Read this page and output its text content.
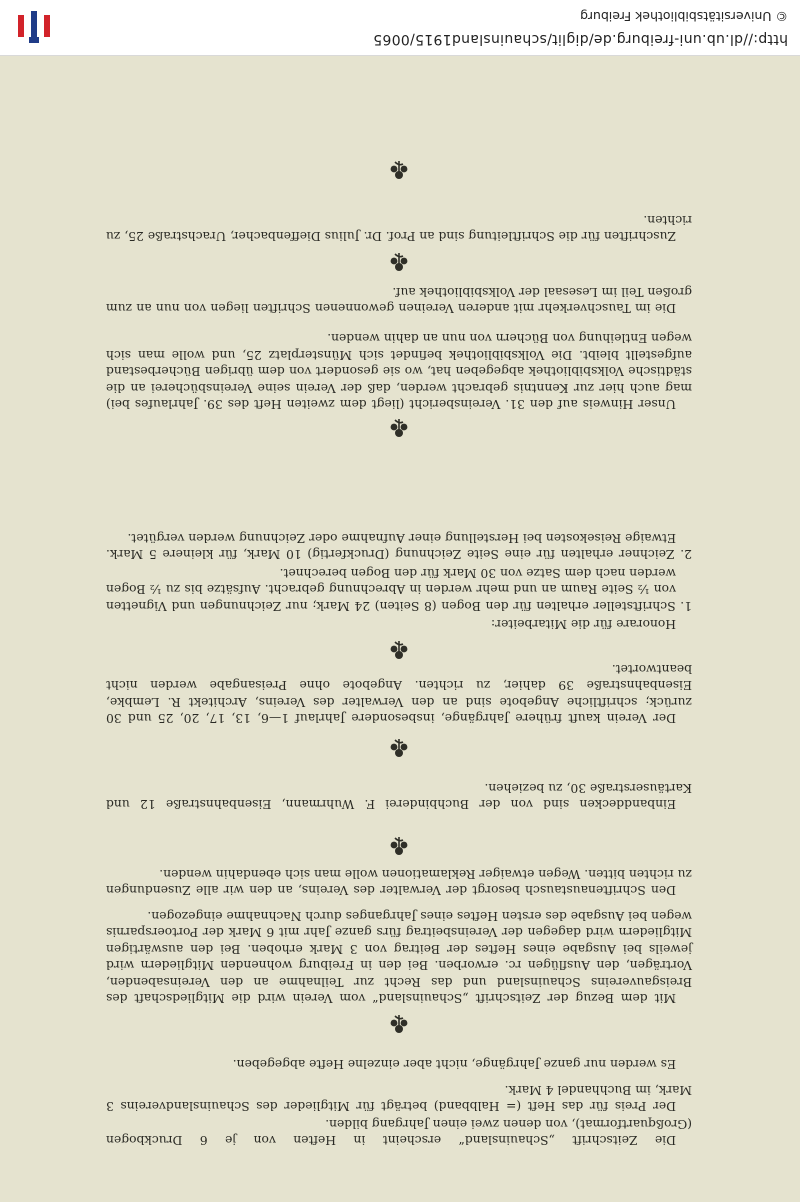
Die Zeitschrift „Schauinsland“ erscheint in Heften von je 6 Druckbogen (Großquartformat), von denen zwei einen Jahrgang bilden.

Der Preis für das Heft (= Halbband) beträgt für Mitglieder des Schauinslandvereins 3 Mark, im Buchhandel 4 Mark.

Es werden nur ganze Jahrgänge, nicht aber einzelne Hefte abgegeben.

Mit dem Bezug der Zeitschrift „Schauinsland“ vom Verein wird die Mitgliedschaft des Breisgauvereins Schauinsland und das Recht zur Teilnahme an den Vereinsabenden, Vorträgen, den Ausflügen rc. erworben. Bei den in Freiburg wohnenden Mitgliedern wird jeweils bei Ausgabe eines Heftes der Beitrag von 3 Mark erhoben. Bei den auswärtigen Mitgliedern wird dagegen der Vereinsbeitrag fürs ganze Jahr mit 6 Mark der Portoersparnis wegen bei Ausgabe des ersten Heftes eines Jahrganges durch Nachnahme eingezogen.

Den Schriftenaustausch besorgt der Verwalter des Vereins, an den wir alle Zusendungen zu richten bitten. Wegen etwaiger Reklamationen wolle man sich ebendahin wenden.

Einbanddecken sind von der Buchbinderei F. Wuhrmann, Eisenbahnstraße 12 und Kartäuserstraße 30, zu beziehen.

Der Verein kauft frühere Jahrgänge, insbesondere Jahrlauf 1—6, 13, 17, 20, 25 und 30 zurück; schriftliche Angebote sind an den Verwalter des Vereins, Architekt R. Lembke, Eisenbahnstraße 39 dahier, zu richten. Angebote ohne Preisangabe werden nicht beantwortet.

Honorare für die Mitarbeiter:

1. Schriftsteller erhalten für den Bogen (8 Seiten) 24 Mark; nur Zeichnungen und Vignetten von ½ Seite Raum an und mehr werden in Abrechnung gebracht. Aufsätze bis zu ½ Bogen werden nach dem Satze von 30 Mark für den Bogen berechnet.

2. Zeichner erhalten für eine Seite Zeichnung (Druckfertig) 10 Mark, für kleinere 5 Mark. Etwaige Reisekosten bei Herstellung einer Aufnahme oder Zeichnung werden vergütet.

Unser Hinweis auf den 31. Vereinsbericht (liegt dem zweiten Heft des 39. Jahrlaufes bei) mag auch hier zur Kenntnis gebracht werden, daß der Verein seine Vereinsbücherei an die städtische Volksbibliothek abgegeben hat, wo sie gesondert von dem übrigen Bücherbestand aufgestellt bleibt. Die Volksbibliothek befindet sich Münsterplatz 25, und wolle man sich wegen Entleihung von Büchern von nun an dahin wenden.

Die im Tauschverkehr mit anderen Vereinen gewonnenen Schriften liegen von nun an zum großen Teil im Lesesaal der Volksbibliothek auf.

Zuschriften für die Schriftleitung sind an Prof. Dr. Julius Dieffenbacher, Urachstraße 25, zu richten.

http://dl.ub.uni-freiburg.de/diglit/schauinsland1915/0065
© Universitätsbibliothek Freiburg
